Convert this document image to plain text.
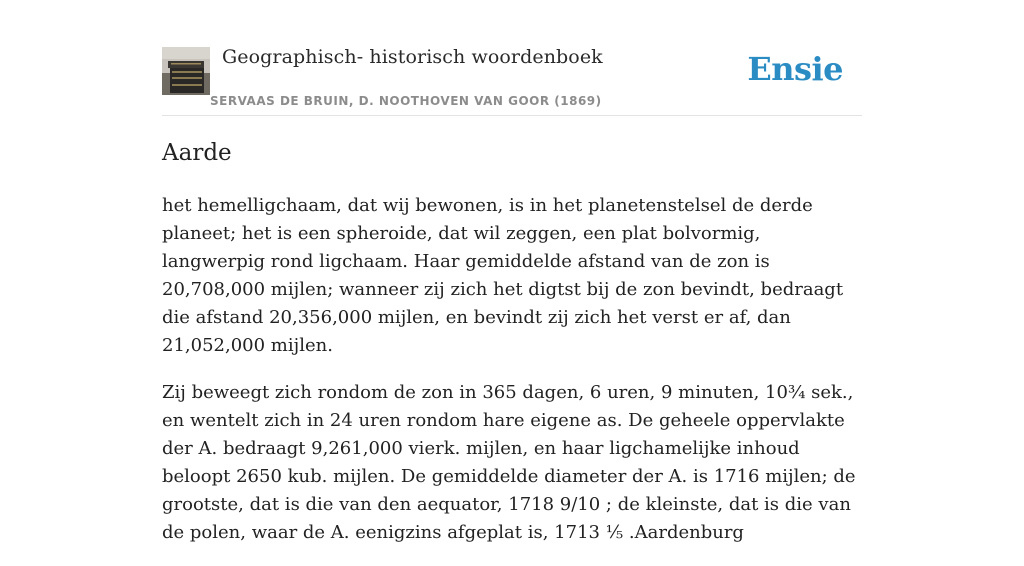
Geographisch- historisch woordenboek
SERVAAS DE BRUIN, D. NOOTHOVEN VAN GOOR (1869)
Ensie
Aarde

het hemelligchaam, dat wij bewonen, is in het planetenstelsel de derde planeet; het is een spheroide, dat wil zeggen, een plat bolvormig, langwerpig rond ligchaam. Haar gemiddelde afstand van de zon is 20,708,000 mijlen; wanneer zij zich het digtst bij de zon bevindt, bedraagt die afstand 20,356,000 mijlen, en bevindt zij zich het verst er af, dan 21,052,000 mijlen.

Zij beweegt zich rondom de zon in 365 dagen, 6 uren, 9 minuten, 10¾ sek., en wentelt zich in 24 uren rondom hare eigene as. De geheele oppervlakte der A. bedraagt 9,261,000 vierk. mijlen, en haar ligchamelijke inhoud beloopt 2650 kub. mijlen. De gemiddelde diameter der A. is 1716 mijlen; de grootste, dat is die van den aequator, 1718 9/10 ; de kleinste, dat is die van de polen, waar de A. eenigzins afgeplat is, 1713 ⅕ .Aardenburg
